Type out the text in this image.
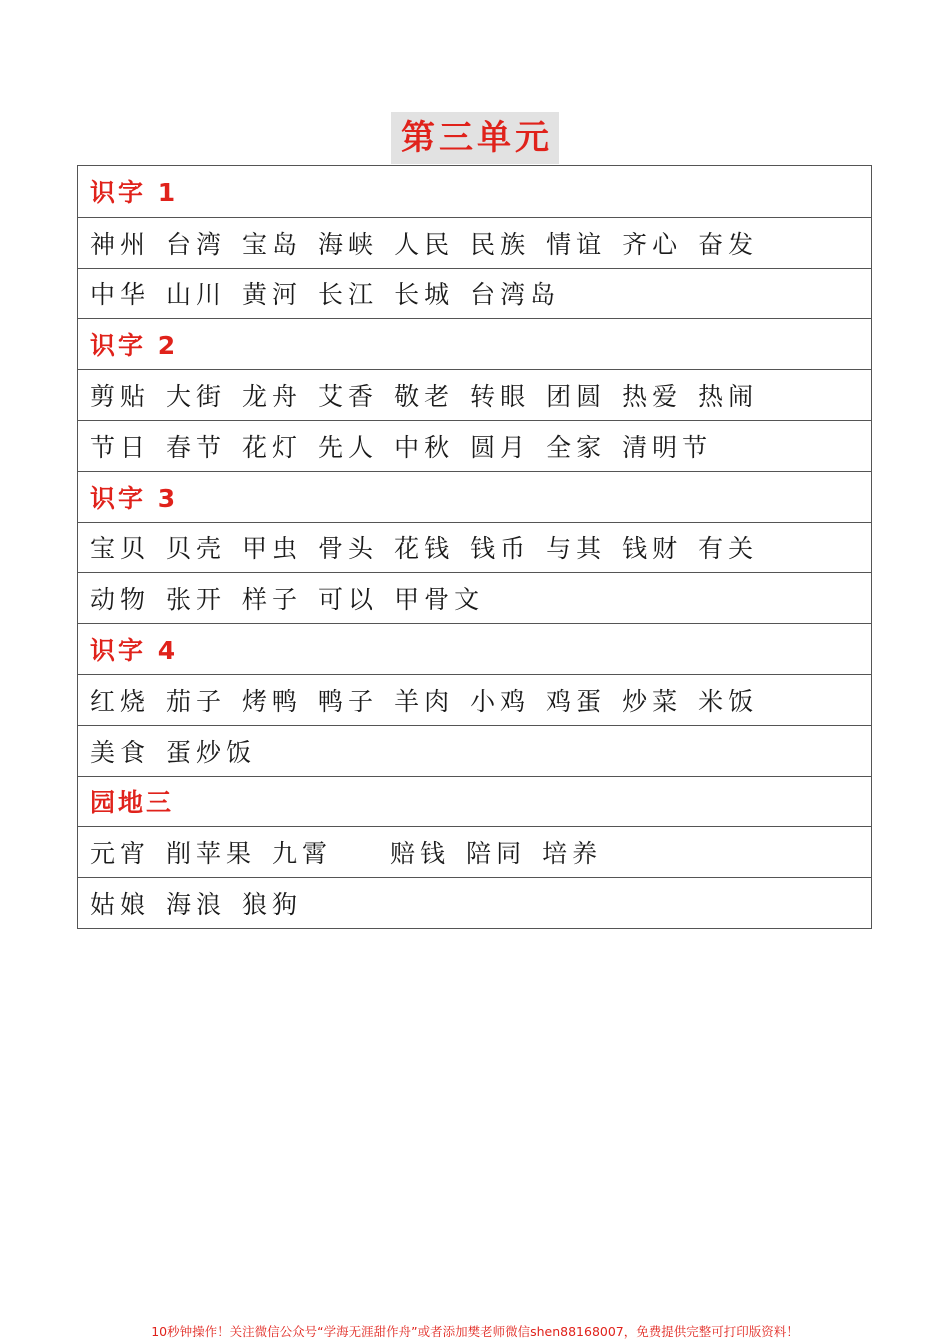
第三单元
识字 1
神州 台湾 宝岛 海峡 人民 民族 情谊 齐心 奋发
中华 山川 黄河 长江 长城 台湾岛
识字 2
剪贴 大街 龙舟 艾香 敬老 转眼 团圆 热爱 热闹
节日 春节 花灯 先人 中秋 圆月 全家 清明节
识字 3
宝贝 贝壳 甲虫 骨头 花钱 钱币 与其 钱财 有关
动物 张开 样子 可以 甲骨文
识字 4
红烧 茄子 烤鸭 鸭子 羊肉 小鸡 鸡蛋 炒菜 米饭
美食 蛋炒饭
园地三
元宵 削苹果 九霄 赔钱 陪同 培养
姑娘 海浪 狼狗
10秒钟操作！关注微信公众号“学海无涯甜作舟”或者添加樊老师微信shen88168007，免费提供完整可打印版资料！
